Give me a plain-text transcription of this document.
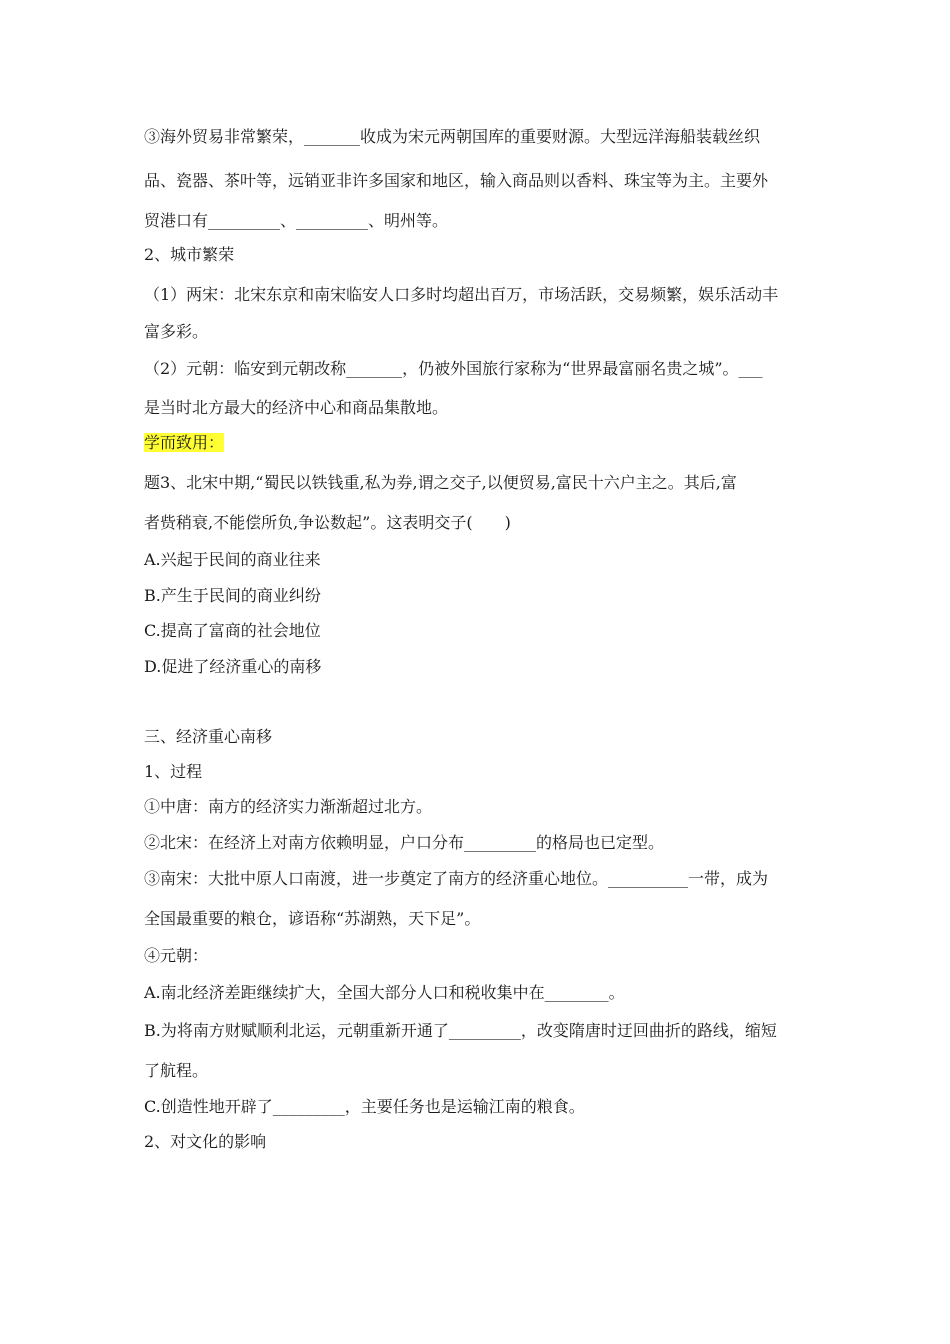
③海外贸易非常繁荣，_______收成为宋元两朝国库的重要财源。大型远洋海船装载丝织
品、瓷器、茶叶等，远销亚非许多国家和地区，输入商品则以香料、珠宝等为主。主要外
贸港口有_________、_________、明州等。
2、城市繁荣
（1）两宋：北宋东京和南宋临安人口多时均超出百万，市场活跃，交易频繁，娱乐活动丰
富多彩。
（2）元朝：临安到元朝改称_______，仍被外国旅行家称为“世界最富丽名贵之城”。___
是当时北方最大的经济中心和商品集散地。
学而致用：
题3、北宋中期,“蜀民以铁钱重,私为券,谓之交子,以便贸易,富民十六户主之。其后,富
者赀稍衰,不能偿所负,争讼数起”。这表明交子(　　)
A.兴起于民间的商业往来
B.产生于民间的商业纠纷
C.提高了富商的社会地位
D.促进了经济重心的南移
三、经济重心南移
1、过程
①中唐：南方的经济实力渐渐超过北方。
②北宋：在经济上对南方依赖明显，户口分布_________的格局也已定型。
③南宋：大批中原人口南渡，进一步奠定了南方的经济重心地位。__________一带，成为
全国最重要的粮仓，谚语称“苏湖熟，天下足”。
④元朝：
A.南北经济差距继续扩大，全国大部分人口和税收集中在________。
B.为将南方财赋顺利北运，元朝重新开通了_________，改变隋唐时迂回曲折的路线，缩短
了航程。
C.创造性地开辟了_________，主要任务也是运输江南的粮食。
2、对文化的影响
